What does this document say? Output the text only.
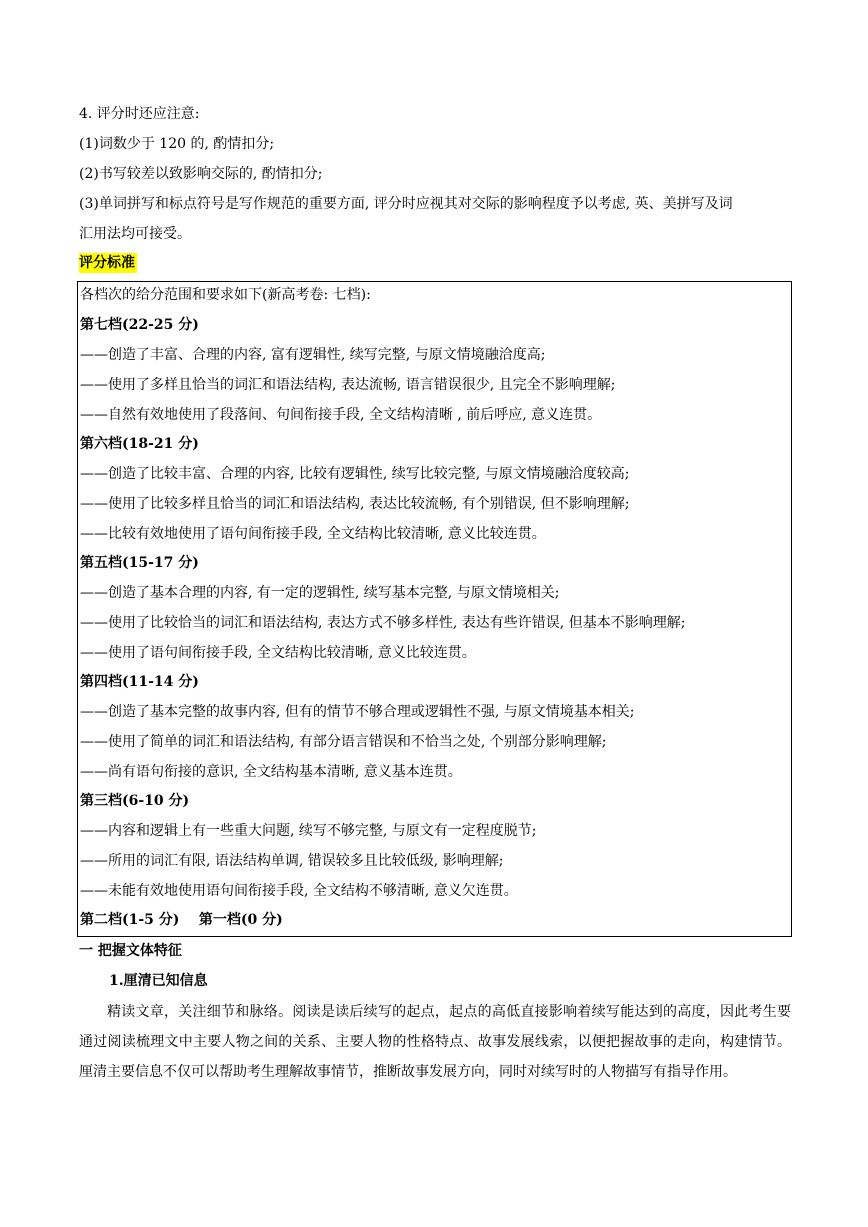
4. 评分时还应注意:
(1)词数少于 120 的, 酌情扣分;
(2)书写较差以致影响交际的, 酌情扣分;
(3)单词拼写和标点符号是写作规范的重要方面, 评分时应视其对交际的影响程度予以考虑, 英、美拼写及词
汇用法均可接受。
评分标准
各档次的给分范围和要求如下(新高考卷: 七档):
第七档(22-25 分)
——创造了丰富、合理的内容, 富有逻辑性, 续写完整, 与原文情境融洽度高;
——使用了多样且恰当的词汇和语法结构, 表达流畅, 语言错误很少, 且完全不影响理解;
——自然有效地使用了段落间、句间衔接手段, 全文结构清晰 , 前后呼应, 意义连贯。
第六档(18-21 分)
——创造了比较丰富、合理的内容, 比较有逻辑性, 续写比较完整, 与原文情境融洽度较高;
——使用了比较多样且恰当的词汇和语法结构, 表达比较流畅, 有个别错误, 但不影响理解;
——比较有效地使用了语句间衔接手段, 全文结构比较清晰, 意义比较连贯。
第五档(15-17 分)
——创造了基本合理的内容, 有一定的逻辑性, 续写基本完整, 与原文情境相关;
——使用了比较恰当的词汇和语法结构, 表达方式不够多样性, 表达有些许错误, 但基本不影响理解;
——使用了语句间衔接手段, 全文结构比较清晰, 意义比较连贯。
第四档(11-14 分)
——创造了基本完整的故事内容, 但有的情节不够合理或逻辑性不强, 与原文情境基本相关;
——使用了简单的词汇和语法结构, 有部分语言错误和不恰当之处, 个别部分影响理解;
——尚有语句衔接的意识, 全文结构基本清晰, 意义基本连贯。
第三档(6-10 分)
——内容和逻辑上有一些重大问题, 续写不够完整, 与原文有一定程度脱节;
——所用的词汇有限, 语法结构单调, 错误较多且比较低级, 影响理解;
——未能有效地使用语句间衔接手段, 全文结构不够清晰, 意义欠连贯。
第二档(1-5 分)    第一档(0 分)
一 把握文体特征
1.厘清已知信息
精读文章，关注细节和脉络。阅读是读后续写的起点，起点的高低直接影响着续写能达到的高度，因此考生要通过阅读梳理文中主要人物之间的关系、主要人物的性格特点、故事发展线索，以便把握故事的走向，构建情节。厘清主要信息不仅可以帮助考生理解故事情节，推断故事发展方向，同时对续写时的人物描写有指导作用。
